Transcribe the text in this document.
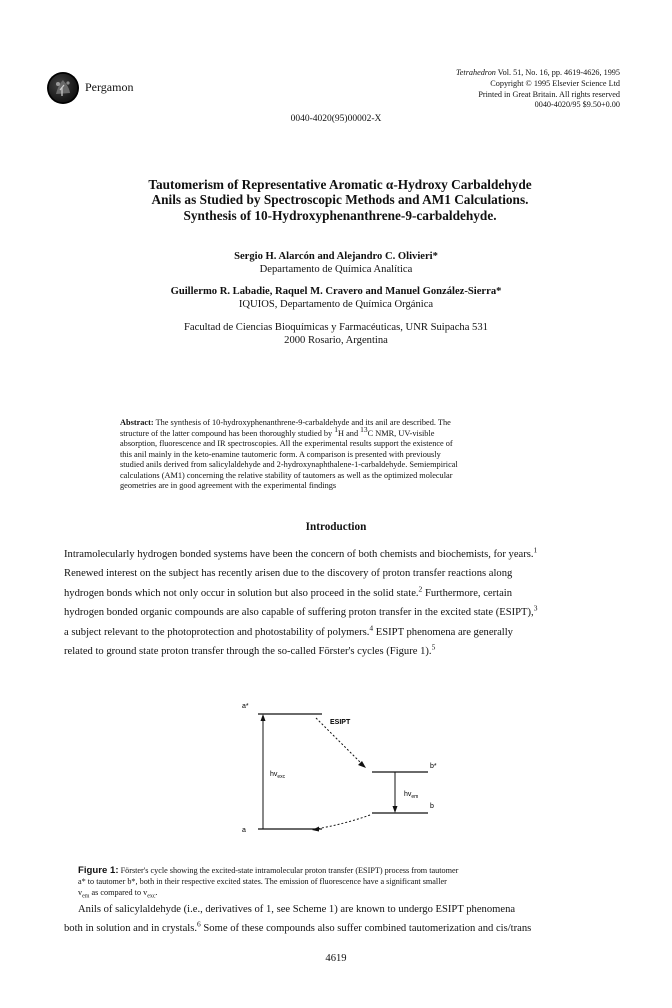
Pergamon
Tetrahedron Vol. 51, No. 16, pp. 4619-4626, 1995
Copyright © 1995 Elsevier Science Ltd
Printed in Great Britain. All rights reserved
0040-4020/95 $9.50+0.00
0040-4020(95)00002-X
Tautomerism of Representative Aromatic α-Hydroxy Carbaldehyde
Anils as Studied by Spectroscopic Methods and AM1 Calculations.
Synthesis of 10-Hydroxyphenanthrene-9-carbaldehyde.
Sergio H. Alarcón and Alejandro C. Olivieri*
Departamento de Química Analítica
Guillermo R. Labadie, Raquel M. Cravero and Manuel González-Sierra*
IQUIOS, Departamento de Química Orgánica
Facultad de Ciencias Bioquímicas y Farmacéuticas, UNR Suipacha 531
2000 Rosario, Argentina
Abstract: The synthesis of 10-hydroxyphenanthrene-9-carbaldehyde and its anil are described. The
structure of the latter compound has been thoroughly studied by 1H and 13C NMR, UV-visible
absorption, fluorescence and IR spectroscopies. All the experimental results support the existence of
this anil mainly in the keto-enamine tautomeric form. A comparison is presented with previously
studied anils derived from salicylaldehyde and 2-hydroxynaphthalene-1-carbaldehyde. Semiempirical
calculations (AM1) concerning the relative stability of tautomers as well as the optimized molecular
geometries are in good agreement with the experimental findings
Introduction
Intramolecularly hydrogen bonded systems have been the concern of both chemists and biochemists, for years.$^1$
Renewed interest on the subject has recently arisen due to the discovery of proton transfer reactions along
hydrogen bonds which not only occur in solution but also proceed in the solid state.$^2$ Furthermore, certain
hydrogen bonded organic compounds are also capable of suffering proton transfer in the excited state (ESIPT),$^3$
a subject relevant to the photoprotection and photostability of polymers.$^4$ ESIPT phenomena are generally
related to ground state proton transfer through the so-called Förster's cycles (Figure 1).$^5$
a*
ESIPT
b*
$hv_{exc}$
$hv_{em}$
a
b
Figure 1: Förster's cycle showing the excited-state intramolecular proton transfer (ESIPT) process from tautomer
a* to tautomer b*, both in their respective excited states. The emission of fluorescence have a significant smaller
$v_{em}$ as compared to $v_{exc}$.
Anils of salicylaldehyde (i.e., derivatives of 1, see Scheme 1) are known to undergo ESIPT phenomena
both in solution and in crystals.$^6$ Some of these compounds also suffer combined tautomerization and cis/trans
4619
